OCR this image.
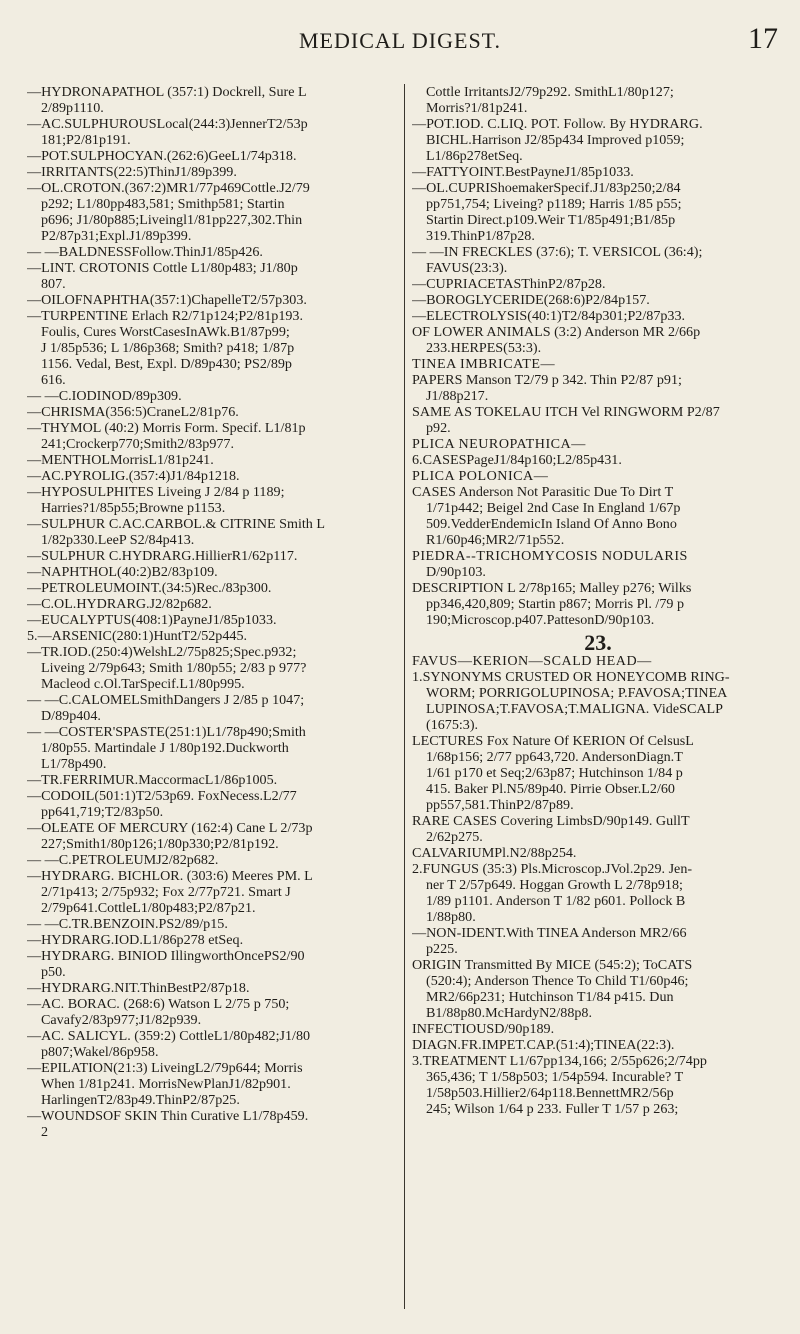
MEDICAL DIGEST.	17
—HYDRONAPATHOL (357:1) Dockrell, Sure L
2/89p1110.
—AC.SULPHUROUSLocal(244:3)JennerT2/53p
181;P2/81p191.
—POT.SULPHOCYAN.(262:6)GeeL1/74p318.
—IRRITANTS(22:5)ThinJ1/89p399.
—OL.CROTON.(367:2)MR1/77p469Cottle.J2/79
p292; L1/80pp483,581; Smithp581; Startin
p696; J1/80p885;Liveingl1/81pp227,302.Thin
P2/87p31;Expl.J1/89p399.
— —BALDNESSFollow.ThinJ1/85p426.
—LINT. CROTONIS Cottle L1/80p483; J1/80p
807.
—OILOFNAPHTHA(357:1)ChapelleT2/57p303.
—TURPENTINE Erlach R2/71p124;P2/81p193.
Foulis, Cures WorstCasesInAWk.B1/87p99;
J 1/85p536; L 1/86p368; Smith? p418; 1/87p
1156. Vedal, Best, Expl. D/89p430; PS2/89p
616.
— —C.IODINOD/89p309.
—CHRISMA(356:5)CraneL2/81p76.
—THYMOL (40:2) Morris Form. Specif. L1/81p
241;Crockerp770;Smith2/83p977.
—MENTHOLMorrisL1/81p241.
—AC.PYROLIG.(357:4)J1/84p1218.
—HYPOSULPHITES Liveing J 2/84 p 1189;
Harries?1/85p55;Browne p1153.
—SULPHUR C.AC.CARBOL.& CITRINE Smith L
1/82p330.LeeP S2/84p413.
—SULPHUR C.HYDRARG.HillierR1/62p117.
—NAPHTHOL(40:2)B2/83p109.
—PETROLEUMOINT.(34:5)Rec./83p300.
—C.OL.HYDRARG.J2/82p682.
—EUCALYPTUS(408:1)PayneJ1/85p1033.
5.—ARSENIC(280:1)HuntT2/52p445.
—TR.IOD.(250:4)WelshL2/75p825;Spec.p932;
Liveing 2/79p643; Smith 1/80p55; 2/83 p 977?
Macleod c.Ol.TarSpecif.L1/80p995.
— —C.CALOMELSmithDangers J 2/85 p 1047;
D/89p404.
— —COSTER'SPASTE(251:1)L1/78p490;Smith
1/80p55. Martindale J 1/80p192.Duckworth
L1/78p490.
—TR.FERRIMUR.MaccormacL1/86p1005.
—CODOIL(501:1)T2/53p69. FoxNecess.L2/77
pp641,719;T2/83p50.
—OLEATE OF MERCURY (162:4) Cane L 2/73p
227;Smith1/80p126;1/80p330;P2/81p192.
— —C.PETROLEUMJ2/82p682.
—HYDRARG. BICHLOR. (303:6) Meeres PM. L
2/71p413; 2/75p932; Fox 2/77p721. Smart J
2/79p641.CottleL1/80p483;P2/87p21.
— —C.TR.BENZOIN.PS2/89/p15.
—HYDRARG.IOD.L1/86p278 etSeq.
—HYDRARG. BINIOD IllingworthOncePS2/90
p50.
—HYDRARG.NIT.ThinBestP2/87p18.
—AC. BORAC. (268:6) Watson L 2/75 p 750;
Cavafy2/83p977;J1/82p939.
—AC. SALICYL. (359:2) CottleL1/80p482;J1/80
p807;Wakel/86p958.
—EPILATION(21:3) LiveingL2/79p644; Morris
When 1/81p241. MorrisNewPlanJ1/82p901.
HarlingenT2/83p49.ThinP2/87p25.
—WOUNDSOF SKIN Thin Curative L1/78p459.
2
Cottle IrritantsJ2/79p292. SmithL1/80p127;
Morris?1/81p241.
—POT.IOD. C.LIQ. POT. Follow. By HYDRARG.
BICHL.Harrison J2/85p434 Improved p1059;
L1/86p278etSeq.
—FATTYOINT.BestPayneJ1/85p1033.
—OL.CUPRIShoemakerSpecif.J1/83p250;2/84
pp751,754; Liveing? p1189; Harris 1/85 p55;
Startin Direct.p109.Weir T1/85p491;B1/85p
319.ThinP1/87p28.
— —IN FRECKLES (37:6); T. VERSICOL (36:4);
FAVUS(23:3).
—CUPRIACETASThinP2/87p28.
—BOROGLYCERIDE(268:6)P2/84p157.
—ELECTROLYSIS(40:1)T2/84p301;P2/87p33.
OF LOWER ANIMALS (3:2) Anderson MR 2/66p
233.HERPES(53:3).
TINEA IMBRICATE—
PAPERS Manson T2/79 p 342. Thin P2/87 p91;
J1/88p217.
SAME AS TOKELAU ITCH Vel RINGWORM P2/87
p92.
PLICA NEUROPATHICA—
6.CASESPageJ1/84p160;L2/85p431.
PLICA POLONICA—
CASES Anderson Not Parasitic Due To Dirt T
1/71p442; Beigel 2nd Case In England 1/67p
509.VedderEndemicIn Island Of Anno Bono
R1/60p46;MR2/71p552.
PIEDRA--TRICHOMYCOSIS NODULARIS
D/90p103.
DESCRIPTION L 2/78p165; Malley p276; Wilks
pp346,420,809; Startin p867; Morris Pl. /79 p
190;Microscop.p407.PattesonD/90p103.
23.
FAVUS—KERION—SCALD HEAD—
1.SYNONYMS CRUSTED OR HONEYCOMB RING-
WORM; PORRIGOLUPINOSA; P.FAVOSA;TINEA
LUPINOSA;T.FAVOSA;T.MALIGNA. VideSCALP
(1675:3).
LECTURES Fox Nature Of KERION Of CelsusL
1/68p156; 2/77 pp643,720. AndersonDiagn.T
1/61 p170 et Seq;2/63p87; Hutchinson 1/84 p
415. Baker Pl.N5/89p40. Pirrie Obser.L2/60
pp557,581.ThinP2/87p89.
RARE CASES Covering LimbsD/90p149. GullT
2/62p275.
CALVARIUMPl.N2/88p254.
2.FUNGUS (35:3) Pls.Microscop.JVol.2p29. Jen-
ner T 2/57p649. Hoggan Growth L 2/78p918;
1/89 p1101. Anderson T 1/82 p601. Pollock B
1/88p80.
—NON-IDENT.With TINEA Anderson MR2/66
p225.
ORIGIN Transmitted By MICE (545:2); ToCATS
(520:4); Anderson Thence To Child T1/60p46;
MR2/66p231; Hutchinson T1/84 p415. Dun
B1/88p80.McHardyN2/88p8.
INFECTIOUSD/90p189.
DIAGN.FR.IMPET.CAP.(51:4);TINEA(22:3).
3.TREATMENT L1/67pp134,166; 2/55p626;2/74pp
365,436; T 1/58p503; 1/54p594. Incurable? T
1/58p503.Hillier2/64p118.BennettMR2/56p
245; Wilson 1/64 p 233. Fuller T 1/57 p 263;
